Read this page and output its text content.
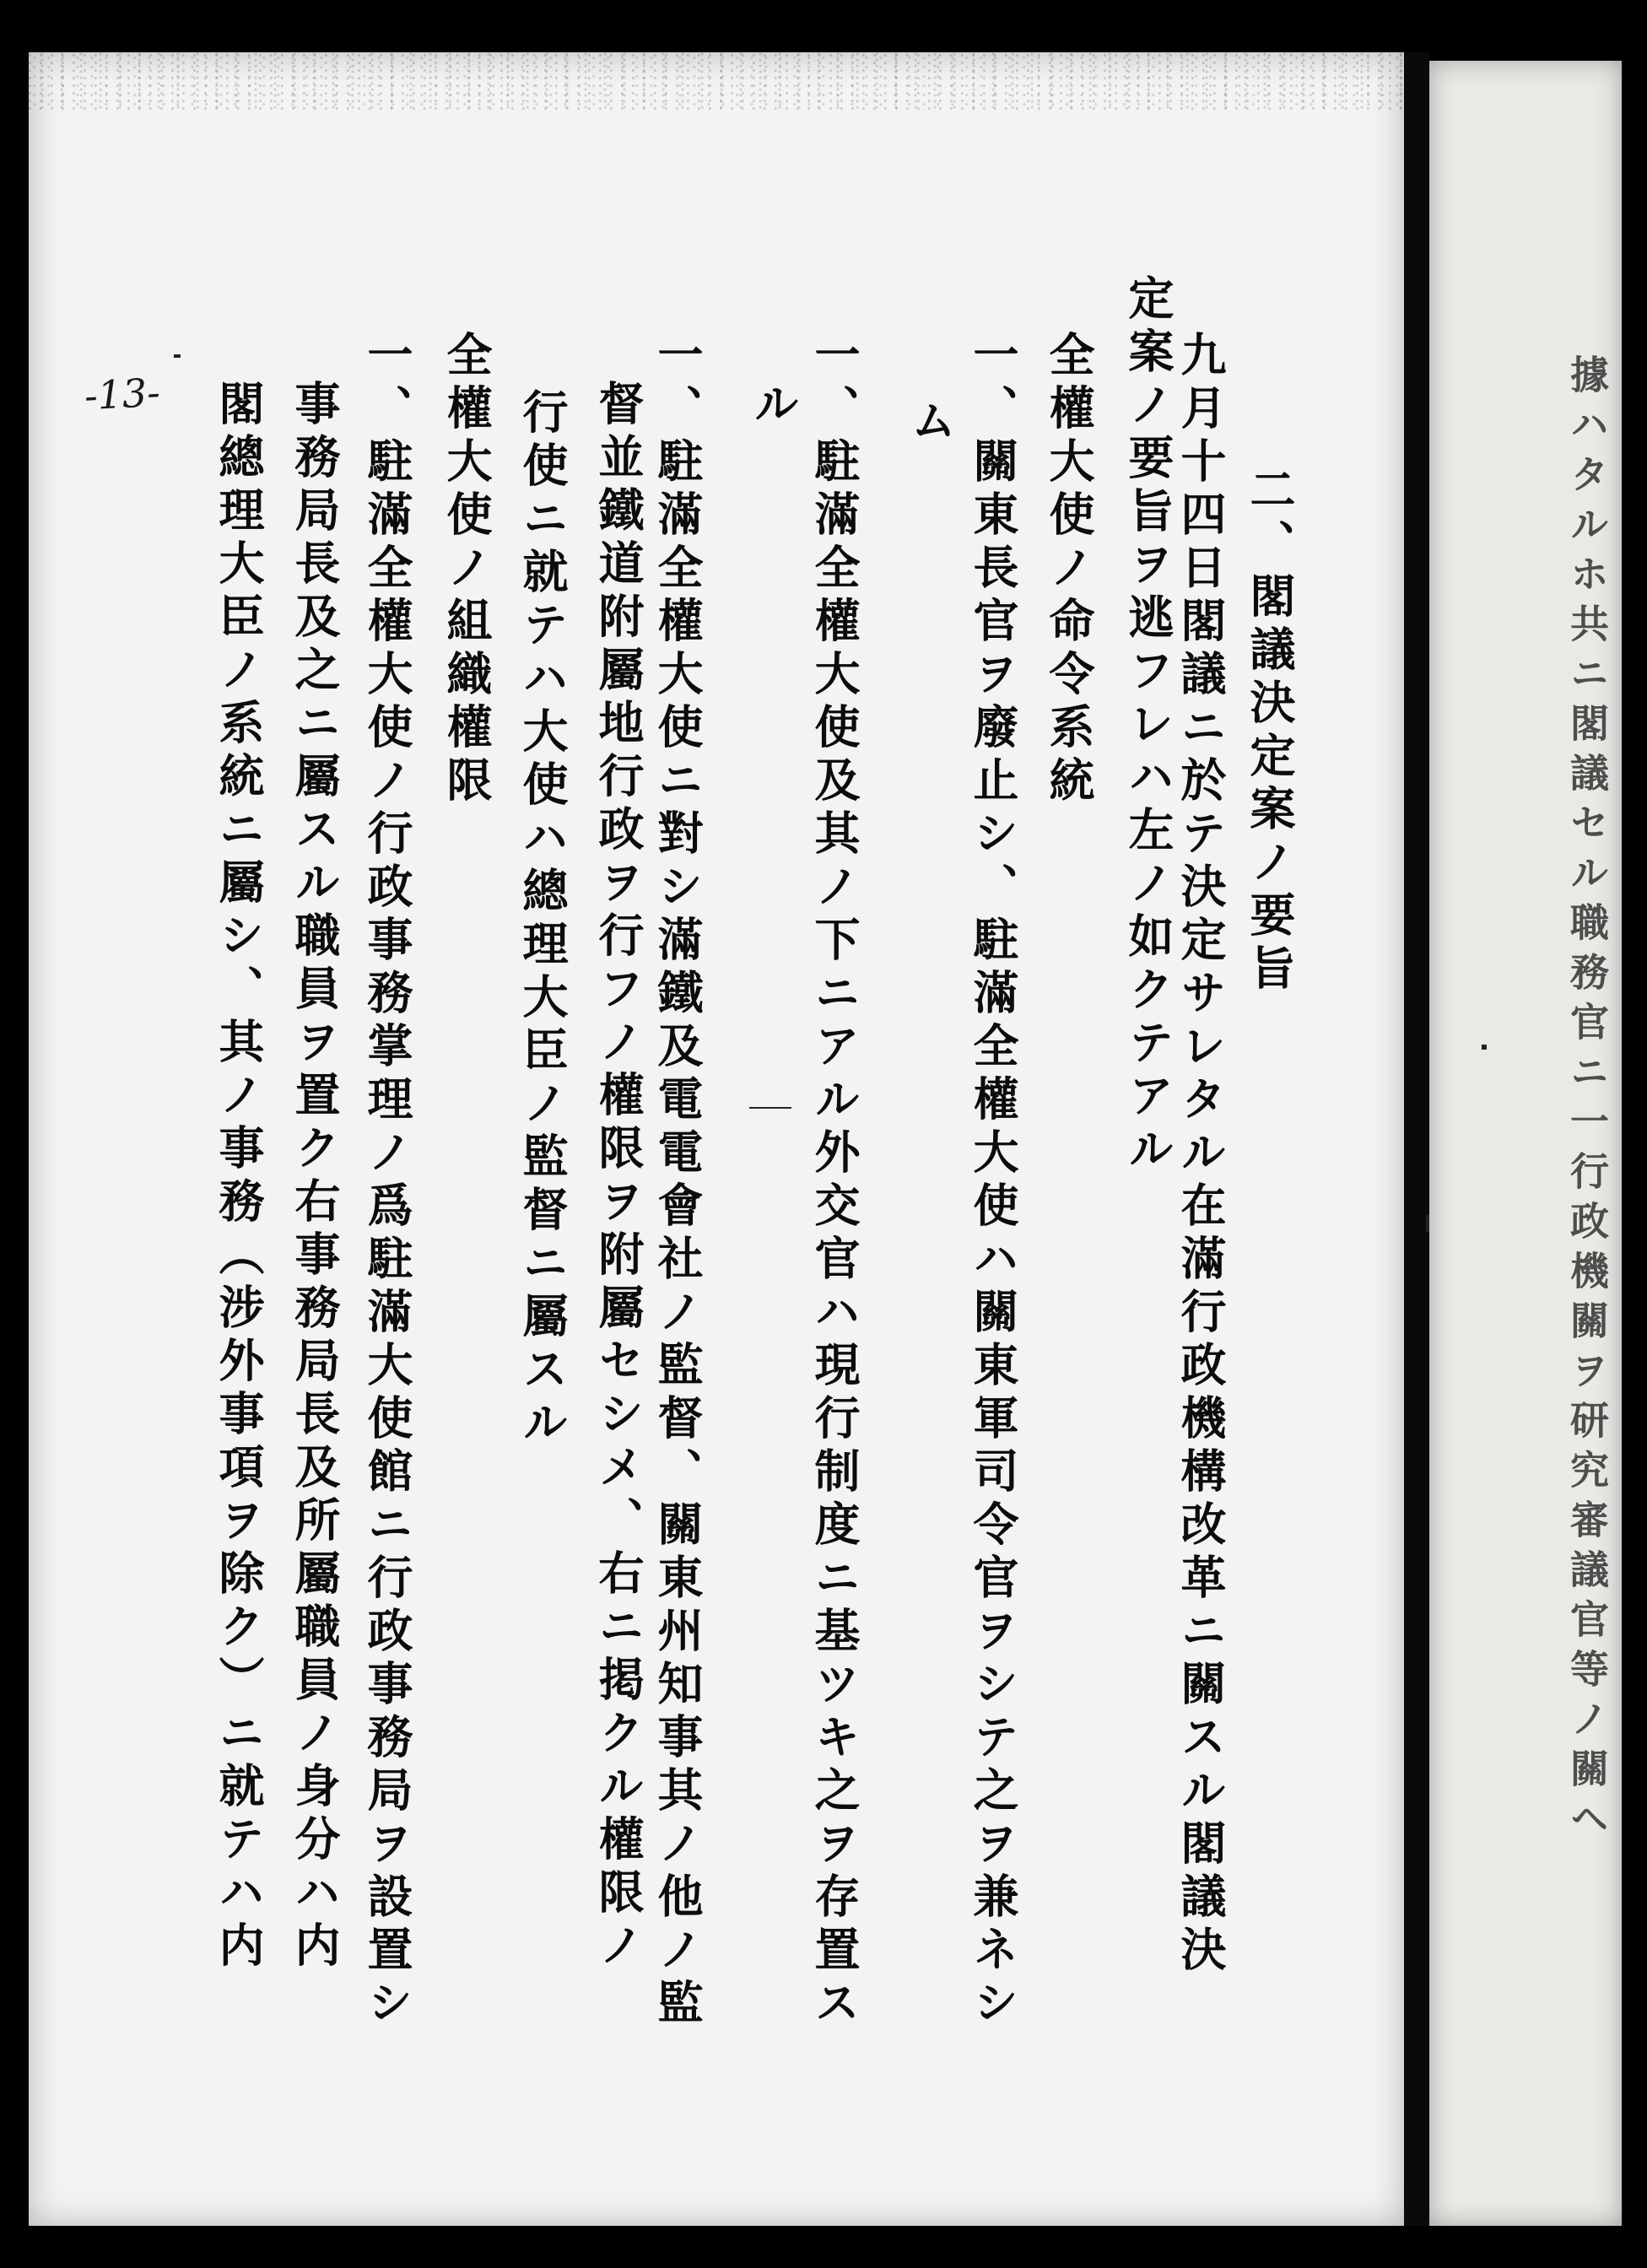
-13-
二、閣議決定案ノ要旨
九月十四日閣議ニ於テ決定サレタル在滿行政機構改革ニ關スル閣議決
定案ノ要旨ヲ逃フレハ左ノ如クテアル
全權大使ノ命令系統
一、關東長官ヲ廢止シ、駐滿全權大使ハ關東軍司令官ヲシテ之ヲ兼ネシ
ム
一、駐滿全權大使及其ノ下ニアル外交官ハ現行制度ニ基ツキ之ヲ存置ス
ル
一、駐滿全權大使ニ對シ滿鐵及電電會社ノ監督、關東州知事其ノ他ノ監
督並鐵道附屬地行政ヲ行フノ權限ヲ附屬セシメ、右ニ掲クル權限ノ
行使ニ就テハ大使ハ總理大臣ノ監督ニ屬スル
全權大使ノ組織權限
一、駐滿全權大使ノ行政事務掌理ノ爲駐滿大使館ニ行政事務局ヲ設置シ
事務局長及之ニ屬スル職員ヲ置ク右事務局長及所屬職員ノ身分ハ内
閣總理大臣ノ系統ニ屬シ、其ノ事務（涉外事項ヲ除ク）ニ就テハ内	據ハタルホ共ニ閣議セル職務官ニ一行政機關ヲ研究審議官等ノ關ヘ
